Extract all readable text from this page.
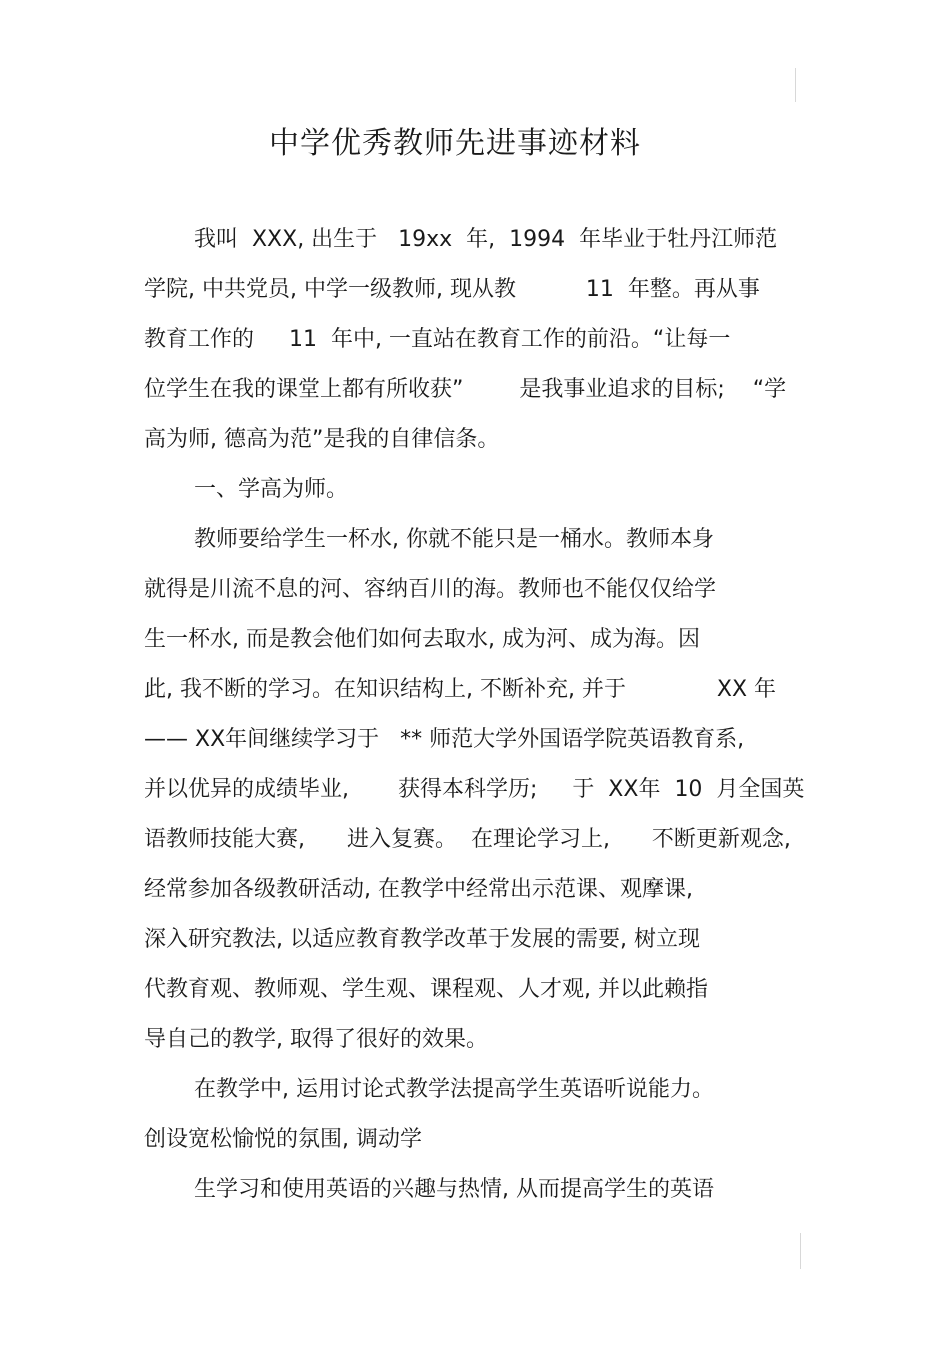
中学优秀教师先进事迹材料
我叫  XXX, 出生于   19xx  年,  1994  年毕业于牡丹江师范
学院, 中共党员, 中学一级教师, 现从教          11  年整。再从事
教育工作的     11  年中, 一直站在教育工作的前沿。“让每一
位学生在我的课堂上都有所收获”        是我事业追求的目标;    “学
高为师, 德高为范”是我的自律信条。
一、学高为师。
教师要给学生一杯水, 你就不能只是一桶水。教师本身
就得是川流不息的河、容纳百川的海。教师也不能仅仅给学
生一杯水, 而是教会他们如何去取水, 成为河、成为海。因
此, 我不断的学习。在知识结构上, 不断补充, 并于             XX 年
—— XX年间继续学习于   ** 师范大学外国语学院英语教育系,
并以优异的成绩毕业,       获得本科学历;     于  XX年  10  月全国英
语教师技能大赛,      进入复赛。  在理论学习上,      不断更新观念,
经常参加各级教研活动, 在教学中经常出示范课、观摩课,
深入研究教法, 以适应教育教学改革于发展的需要, 树立现
代教育观、教师观、学生观、课程观、人才观, 并以此赖指
导自己的教学, 取得了很好的效果。
在教学中, 运用讨论式教学法提高学生英语听说能力。
创设宽松愉悦的氛围, 调动学
生学习和使用英语的兴趣与热情, 从而提高学生的英语
